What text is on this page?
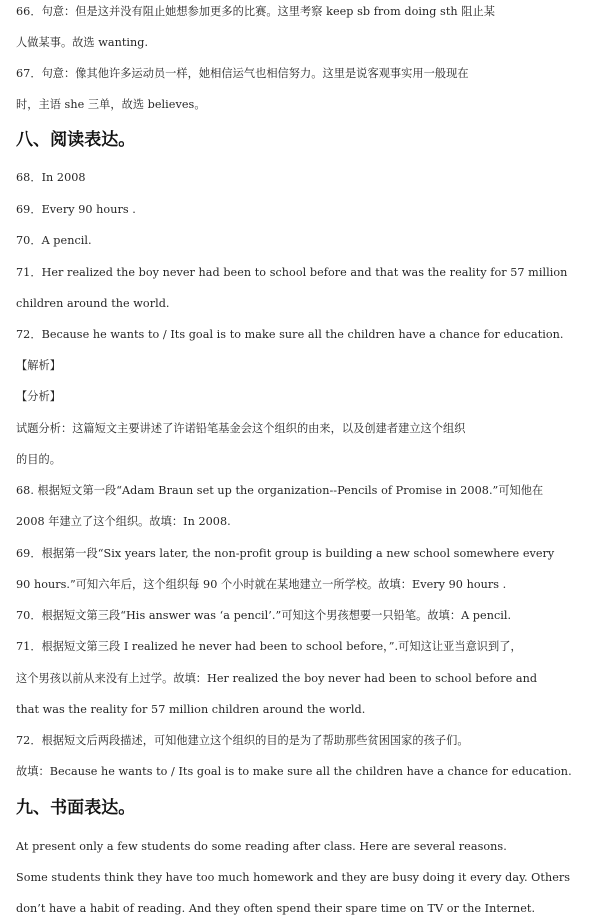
66．句意：但是这并没有阻止她想参加更多的比赛。这里考察 keep sb from doing sth 阻止某
人做某事。故选 wanting.
67．句意：像其他许多运动员一样，她相信运气也相信努力。这里是说客观事实用一般现在
时，主语 she 三单，故选 believes。
八、阅读表达。
68．In 2008
69．Every 90 hours .
70．A pencil.
71．Her realized the boy never had been to school before and that was the reality for 57 million
children around the world.
72．Because he wants to / Its goal is to make sure all the children have a chance for education.
【解析】
【分析】
试题分析：这篇短文主要讲述了许诺铅笔基金会这个组织的由来，以及创建者建立这个组织
的目的。
68. 根据短文第一段“Adam Braun set up the organization--Pencils of Promise in 2008.”可知他在
2008 年建立了这个组织。故填：In 2008.
69．根据第一段“Six years later, the non-profit group is building a new school somewhere every
90 hours.”可知六年后，这个组织每 90 个小时就在某地建立一所学校。故填：Every 90 hours .
70．根据短文第三段“His answer was ‘a pencil’.”可知这个男孩想要一只铅笔。故填：A pencil.
71．根据短文第三段 I realized he never had been to school before，”.可知这让亚当意识到了，
这个男孩以前从来没有上过学。故填：Her realized the boy never had been to school before and
that was the reality for 57 million children around the world.
72．根据短文后两段描述，可知他建立这个组织的目的是为了帮助那些贫困国家的孩子们。
故填：Because he wants to / Its goal is to make sure all the children have a chance for education.
九、书面表达。
At present only a few students do some reading after class. Here are several reasons.
Some students think they have too much homework and they are busy doing it every day. Others
don’t have a habit of reading. And they often spend their spare time on TV or the Internet.
